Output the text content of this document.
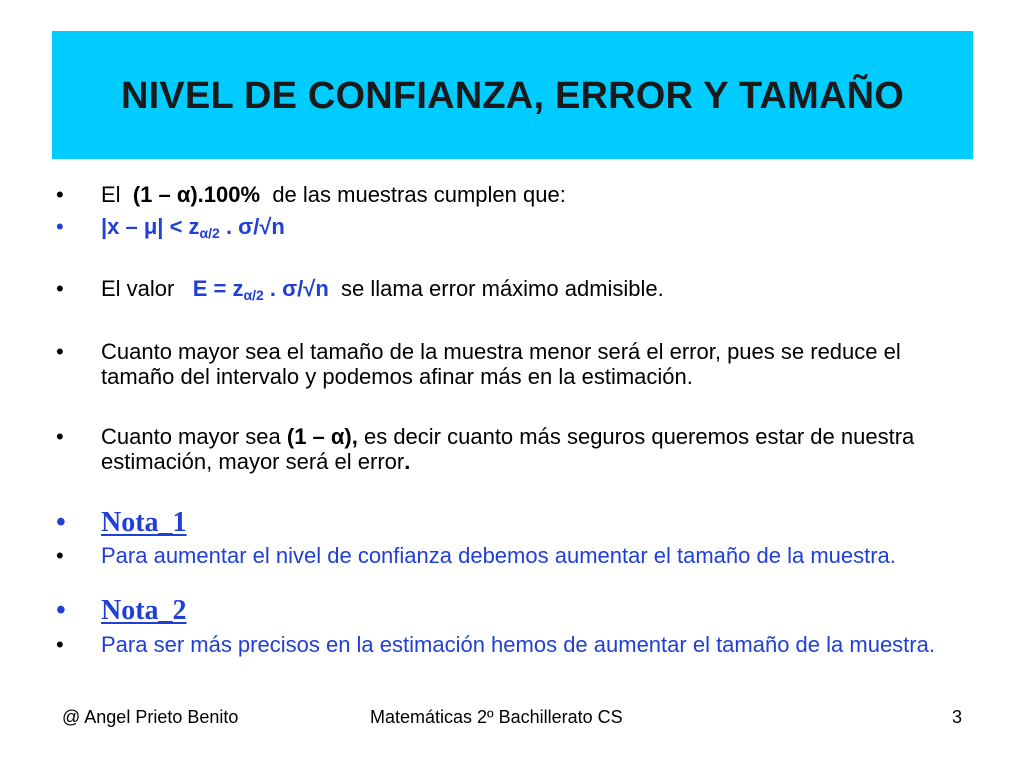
NIVEL DE CONFIANZA, ERROR Y TAMAÑO
•	El  (1 – α).100%  de las muestras cumplen que:
•	$|x - \mu| < z_{\alpha/2}$ . σ/√n
•	El valor   $E = z_{\alpha/2}$ . σ/√n  se llama error máximo admisible.
•	Cuanto mayor sea el tamaño de la muestra menor será el error, pues se reduce el tamaño del intervalo y podemos afinar más en la estimación.
•	Cuanto mayor sea (1 – α), es decir cuanto más seguros queremos estar de nuestra estimación, mayor será el error.
•	Nota_1
•	Para aumentar el nivel de confianza debemos aumentar el tamaño de la muestra.
•	Nota_2
•	Para ser más precisos en la estimación hemos de aumentar el tamaño de la muestra.
@ Angel Prieto Benito	Matemáticas 2º Bachillerato CS	3
